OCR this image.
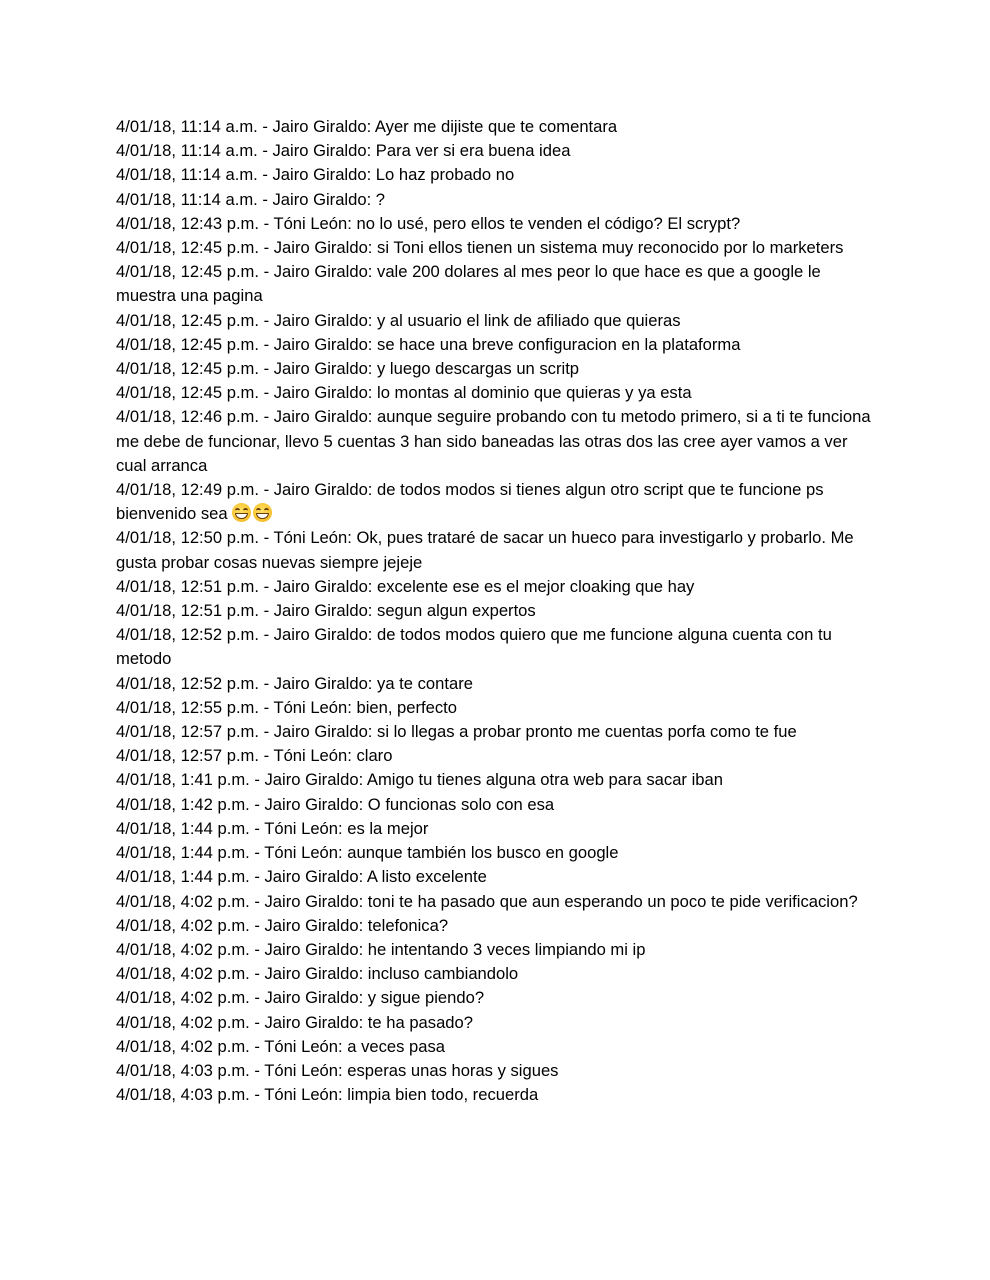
4/01/18, 11:14 a.m. - Jairo Giraldo: Ayer me dijiste que te comentara

4/01/18, 11:14 a.m. - Jairo Giraldo: Para ver si era buena idea

4/01/18, 11:14 a.m. - Jairo Giraldo: Lo haz probado no

4/01/18, 11:14 a.m. - Jairo Giraldo: ?

4/01/18, 12:43 p.m. - Tóni León: no lo usé, pero ellos te venden el código? El scrypt?

4/01/18, 12:45 p.m. - Jairo Giraldo: si Toni ellos tienen un sistema muy reconocido por lo marketers

4/01/18, 12:45 p.m. - Jairo Giraldo: vale 200 dolares al mes peor lo que hace es que a google le muestra una pagina

4/01/18, 12:45 p.m. - Jairo Giraldo: y al usuario el link de afiliado que quieras

4/01/18, 12:45 p.m. - Jairo Giraldo: se hace una breve configuracion en la plataforma

4/01/18, 12:45 p.m. - Jairo Giraldo: y luego descargas un scritp

4/01/18, 12:45 p.m. - Jairo Giraldo: lo montas al dominio que quieras y ya esta

4/01/18, 12:46 p.m. - Jairo Giraldo: aunque seguire probando con tu metodo primero, si a ti te funciona me debe de funcionar, llevo 5 cuentas 3 han sido baneadas las otras dos las cree ayer vamos a ver cual arranca

4/01/18, 12:49 p.m. - Jairo Giraldo: de todos modos si tienes algun otro script que te funcione ps bienvenido sea

4/01/18, 12:50 p.m. - Tóni León: Ok, pues trataré de sacar un hueco para investigarlo y probarlo. Me gusta probar cosas nuevas siempre jejeje

4/01/18, 12:51 p.m. - Jairo Giraldo: excelente ese es el mejor cloaking que hay

4/01/18, 12:51 p.m. - Jairo Giraldo: segun algun expertos

4/01/18, 12:52 p.m. - Jairo Giraldo: de todos modos quiero que me funcione alguna cuenta con tu metodo

4/01/18, 12:52 p.m. - Jairo Giraldo: ya te contare

4/01/18, 12:55 p.m. - Tóni León: bien, perfecto

4/01/18, 12:57 p.m. - Jairo Giraldo: si lo llegas a probar pronto me cuentas porfa como te fue

4/01/18, 12:57 p.m. - Tóni León: claro

4/01/18, 1:41 p.m. - Jairo Giraldo: Amigo tu tienes alguna otra web para sacar iban

4/01/18, 1:42 p.m. - Jairo Giraldo: O funcionas solo con esa

4/01/18, 1:44 p.m. - Tóni León: es la mejor

4/01/18, 1:44 p.m. - Tóni León: aunque también los busco en google

4/01/18, 1:44 p.m. - Jairo Giraldo: A listo excelente

4/01/18, 4:02 p.m. - Jairo Giraldo: toni te ha pasado que aun esperando un poco te pide verificacion?

4/01/18, 4:02 p.m. - Jairo Giraldo: telefonica?

4/01/18, 4:02 p.m. - Jairo Giraldo: he intentando 3 veces limpiando mi ip

4/01/18, 4:02 p.m. - Jairo Giraldo: incluso cambiandolo

4/01/18, 4:02 p.m. - Jairo Giraldo: y sigue piendo?

4/01/18, 4:02 p.m. - Jairo Giraldo: te ha pasado?

4/01/18, 4:02 p.m. - Tóni León: a veces pasa

4/01/18, 4:03 p.m. - Tóni León: esperas unas horas y sigues

4/01/18, 4:03 p.m. - Tóni León: limpia bien todo, recuerda
